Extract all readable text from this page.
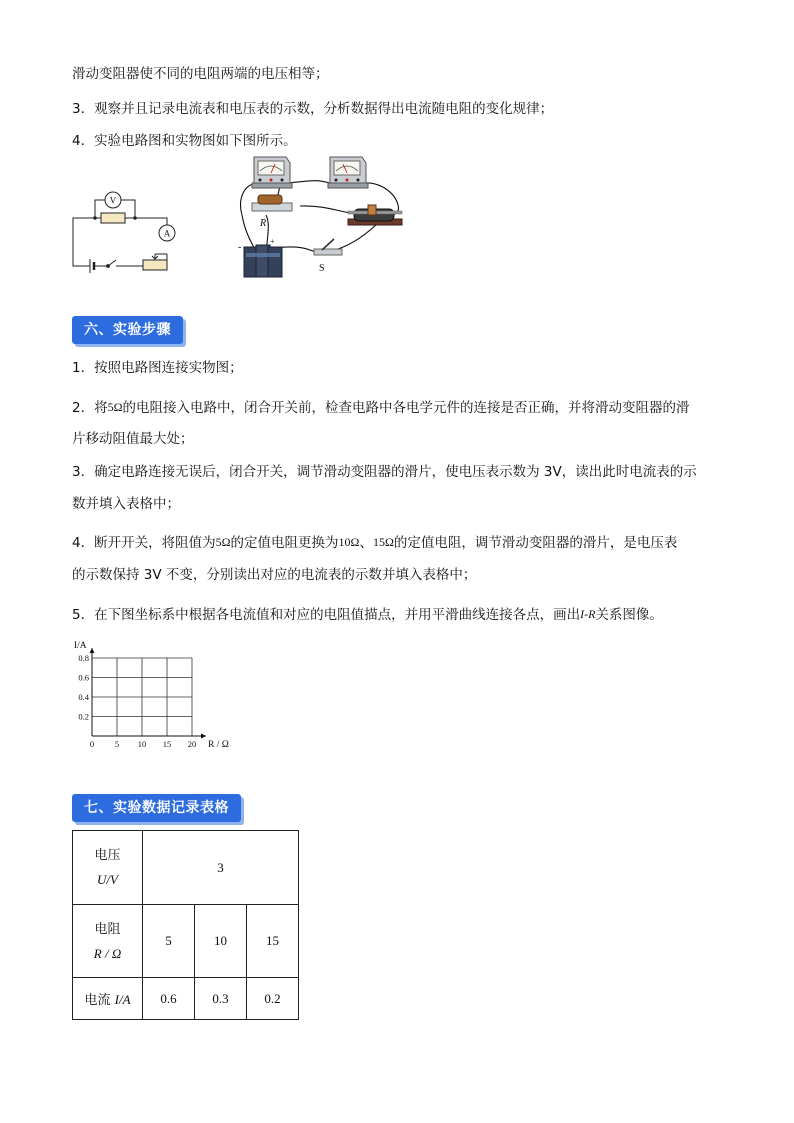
滑动变阻器使不同的电阻两端的电压相等；
3．观察并且记录电流表和电压表的示数，分析数据得出电流随电阻的变化规律；
4．实验电路图和实物图如下图所示。
V
A
R
-
+
S
六、实验步骤
1．按照电路图连接实物图；
2．将5Ω的电阻接入电路中，闭合开关前，检查电路中各电学元件的连接是否正确，并将滑动变阻器的滑
片移动阻值最大处；
3．确定电路连接无误后，闭合开关，调节滑动变阻器的滑片，使电压表示数为 3V，读出此时电流表的示
数并填入表格中；
4．断开开关，将阻值为5Ω的定值电阻更换为10Ω、15Ω的定值电阻，调节滑动变阻器的滑片，是电压表
的示数保持 3V 不变，分别读出对应的电流表的示数并填入表格中；
5．在下图坐标系中根据各电流值和对应的电阻值描点，并用平滑曲线连接各点，画出I-R关系图像。
0 5 10 15 20
0.2
0.4
0.6
0.8
I/A
R / Ω
七、实验数据记录表格
电压
U/V	3		

电阻
R / Ω	5	10	15
电流 I/A	0.6	0.3	0.2
